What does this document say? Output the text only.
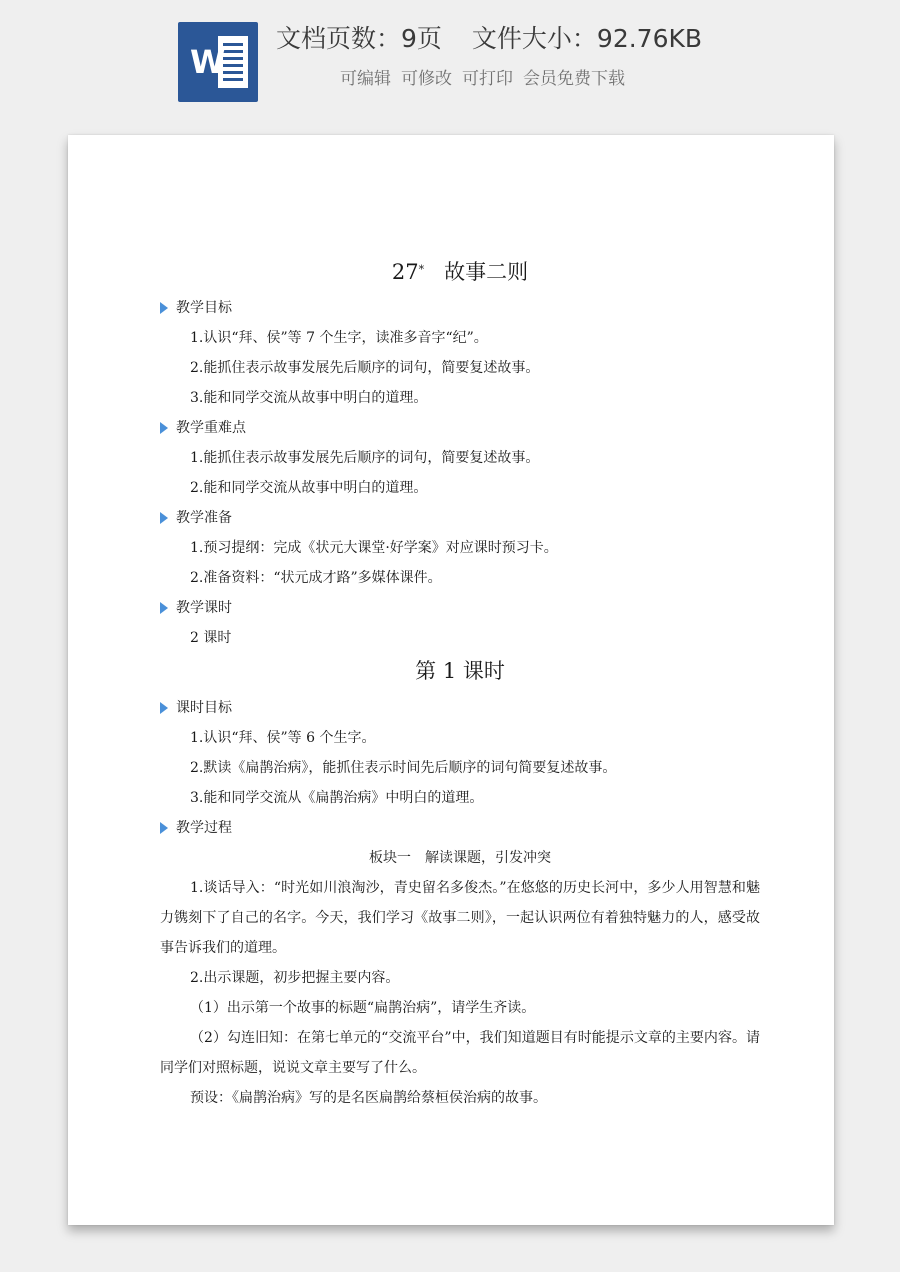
W
文档页数：9页 文件大小：92.76KB
可编辑 可修改 可打印 会员免费下载
27* 故事二则
教学目标
1.认识“拜、侯”等 7 个生字，读准多音字“纪”。
2.能抓住表示故事发展先后顺序的词句，简要复述故事。
3.能和同学交流从故事中明白的道理。
教学重难点
1.能抓住表示故事发展先后顺序的词句，简要复述故事。
2.能和同学交流从故事中明白的道理。
教学准备
1.预习提纲：完成《状元大课堂·好学案》对应课时预习卡。
2.准备资料：“状元成才路”多媒体课件。
教学课时
2 课时
第 1 课时
课时目标
1.认识“拜、侯”等 6 个生字。
2.默读《扁鹊治病》，能抓住表示时间先后顺序的词句简要复述故事。
3.能和同学交流从《扁鹊治病》中明白的道理。
教学过程
板块一　解读课题，引发冲突
1.谈话导入：“时光如川浪淘沙，青史留名多俊杰。”在悠悠的历史长河中，多少人用智慧和魅力镌刻下了自己的名字。今天，我们学习《故事二则》，一起认识两位有着独特魅力的人，感受故事告诉我们的道理。
2.出示课题，初步把握主要内容。
（1）出示第一个故事的标题“扁鹊治病”，请学生齐读。
（2）勾连旧知：在第七单元的“交流平台”中，我们知道题目有时能提示文章的主要内容。请同学们对照标题，说说文章主要写了什么。
预设：《扁鹊治病》写的是名医扁鹊给蔡桓侯治病的故事。
